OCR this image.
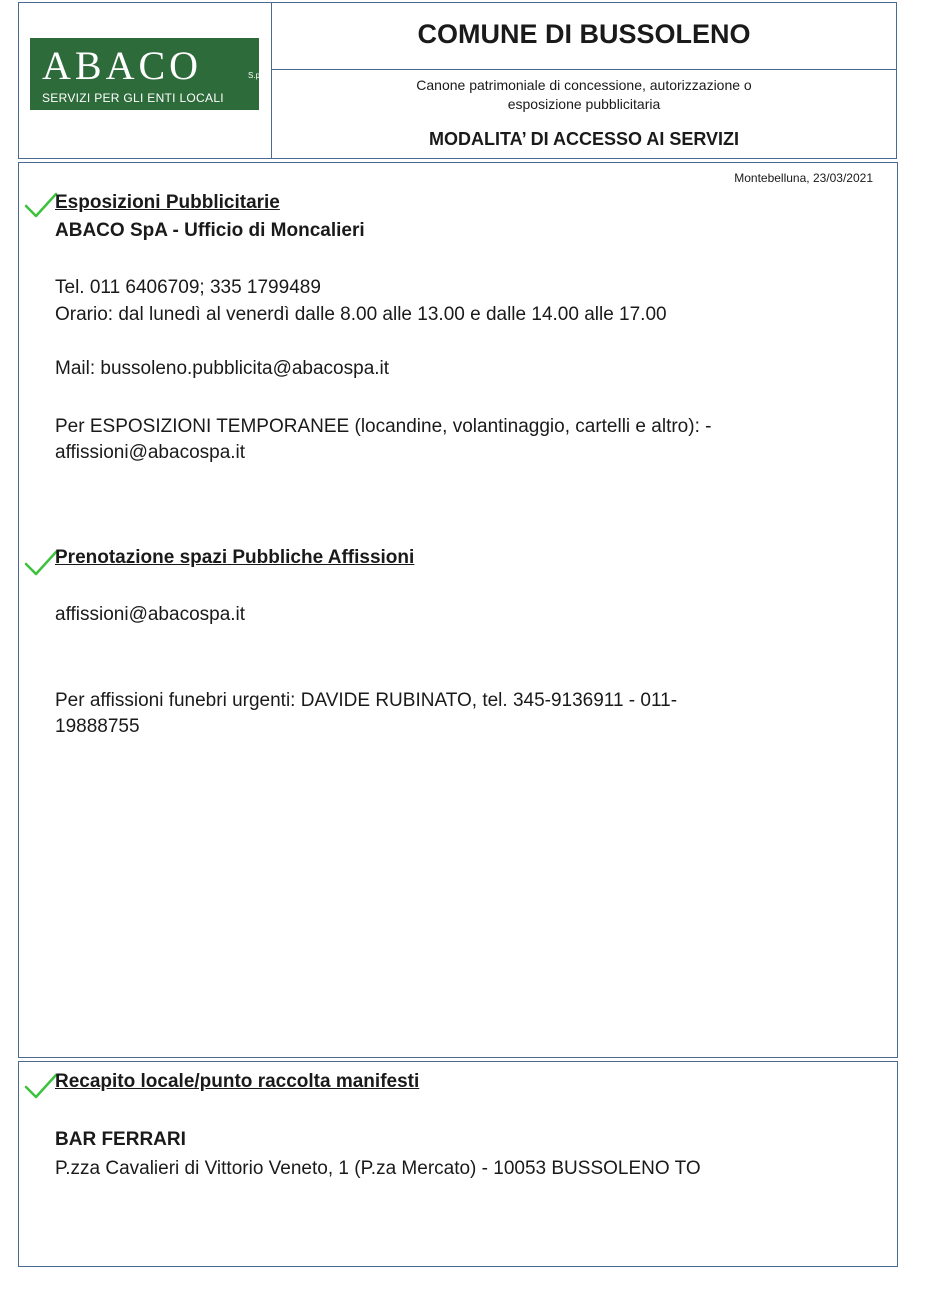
ABACO	S.p.A.
SERVIZI PER GLI ENTI LOCALI
COMUNE DI BUSSOLENO
Canone patrimoniale di concessione, autorizzazione o
esposizione pubblicitaria
MODALITA’ DI ACCESSO AI SERVIZI
Montebelluna, 23/03/2021
Esposizioni Pubblicitarie
ABACO SpA - Ufficio di Moncalieri
Tel. 011 6406709; 335 1799489
Orario: dal lunedì al venerdì dalle 8.00 alle 13.00 e dalle 14.00 alle 17.00
Mail: bussoleno.pubblicita@abacospa.it
Per ESPOSIZIONI TEMPORANEE (locandine, volantinaggio, cartelli e altro): -
affissioni@abacospa.it
Prenotazione spazi Pubbliche Affissioni
affissioni@abacospa.it
Per affissioni funebri urgenti: DAVIDE RUBINATO, tel. 345-9136911 - 011-
19888755
Recapito locale/punto raccolta manifesti
BAR FERRARI
P.zza Cavalieri di Vittorio Veneto, 1 (P.za Mercato) - 10053 BUSSOLENO TO
